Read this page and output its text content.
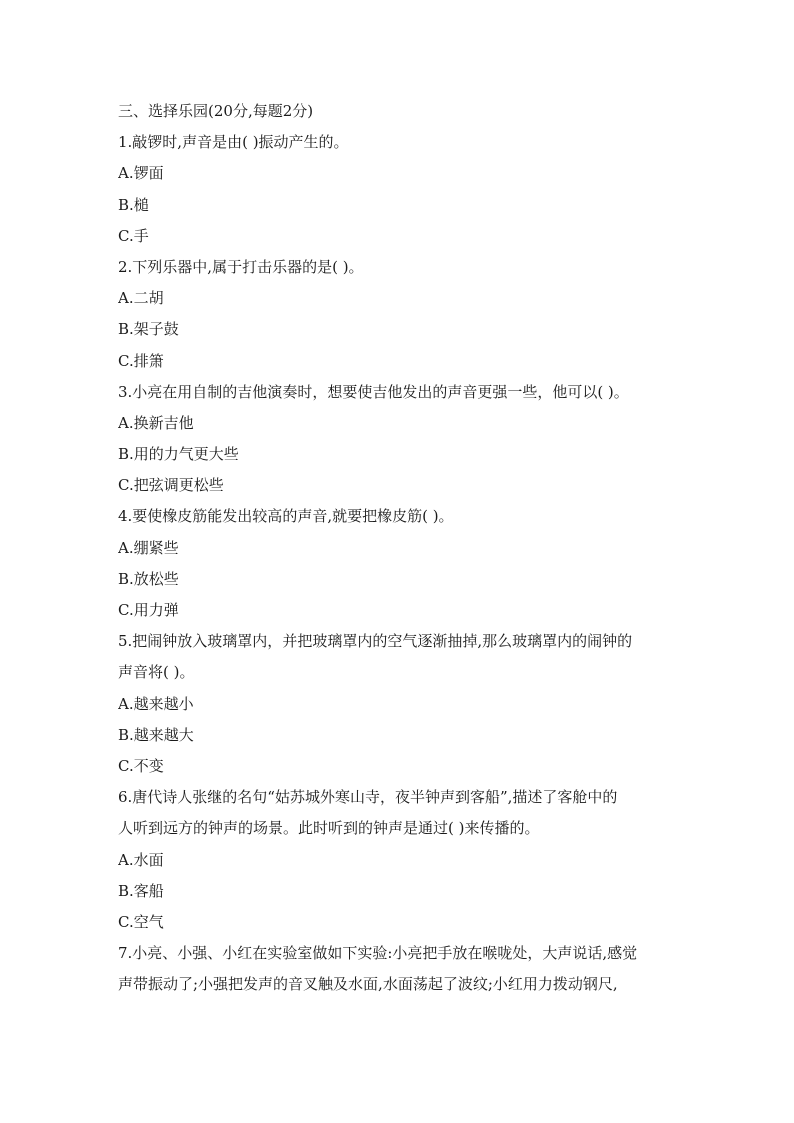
三、选择乐园(20分,每题2分)
1.敲锣时,声音是由( )振动产生的。
A.锣面
B.槌
C.手
2.下列乐器中,属于打击乐器的是( )。
A.二胡
B.架子鼓
C.排箫
3.小亮在用自制的吉他演奏时，想要使吉他发出的声音更强一些，他可以( )。
A.换新吉他
B.用的力气更大些
C.把弦调更松些
4.要使橡皮筋能发出较高的声音,就要把橡皮筋( )。
A.绷紧些
B.放松些
C.用力弹
5.把闹钟放入玻璃罩内，并把玻璃罩内的空气逐渐抽掉,那么玻璃罩内的闹钟的
声音将( )。
A.越来越小
B.越来越大
C.不变
6.唐代诗人张继的名句“姑苏城外寒山寺，夜半钟声到客船”,描述了客舱中的
人听到远方的钟声的场景。此时听到的钟声是通过( )来传播的。
A.水面
B.客船
C.空气
7.小亮、小强、小红在实验室做如下实验:小亮把手放在喉咙处，大声说话,感觉
声带振动了;小强把发声的音叉触及水面,水面荡起了波纹;小红用力拨动钢尺,
